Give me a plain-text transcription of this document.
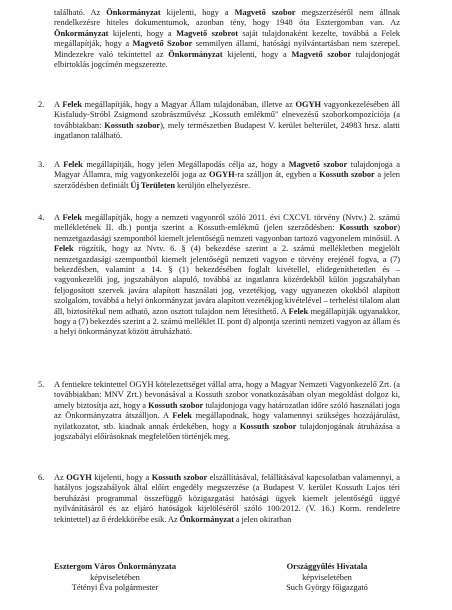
található. Az Önkormányzat kijelenti, hogy a Magvető szobor megszerzéséről nem állnak rendelkezésre hiteles dokumentumok, azonban tény, hogy 1948 óta Esztergomban van. Az Önkormányzat kijelenti, hogy a Magvető szobrot saját tulajdonaként kezelte, továbbá a Felek megállapítják, hogy a Magvető Szobor semmilyen állami, hatósági nyilvántartásban nem szerepel. Mindezekre való tekintettel az Önkormányzat kijelenti, hogy a Magvető szobor tulajdonjogát elbirtoklás jogcímén megszerezte.
2. A Felek megállapítják, hogy a Magyar Állam tulajdonában, illetve az OGYH vagyonkezelésében áll Kisfaludy-Stróbl Zsigmond szobrászművész „Kossuth emlékmű" elnevezésű szoborkompozíciója (a továbbiakban: Kossuth szobor), mely természetben Budapest V. kerület belterület, 24983 hrsz. alatti ingatlanon található.
3. A Felek megállapítják, hogy jelen Megállapodás célja az, hogy a Magvető szobor tulajdonjoga a Magyar Államra, míg vagyonkezelői joga az OGYH-ra szálljon át, egyben a Kossuth szobor a jelen szerződésben definiált Új Területen kerüljön elhelyezésre.
4. A Felek megállapítják, hogy a nemzeti vagyonról szóló 2011. évi CXCVI. törvény (Nvtv.) 2. számú mellékletének II. db.) pontja szerint a Kossuth-emlékmű (jelen szerződésben: Kossuth szobor) nemzetgazdasági szempontból kiemelt jelentőségű nemzeti vagyonban tartozó vagyonelem minősül. A Felek rögzítik, hogy az Nvtv. 6. § (4) bekezdése szerint a 2. számú mellékletben megjelölt nemzetgazdasági szempontból kiemelt jelentőségű nemzeti vagyon e törvény erejénél fogva, a (7) bekezdésben, valamint a 14. § (1) bekezdésében foglalt kivétellel, elidegeníthetetlen és – vagyonkezelői jog, jogszabályon alapuló, továbbá az ingatlanra közérdekből külön jogszabályban feljogosított szervek javára alapított használati jog, vezetékjog, vagy ugyanezen okokból alapított szolgalom, továbbá a helyi önkormányzat javára alapított vezetékjog kivételével – terhelési tilalom alatt áll, biztosítékul nem adható, azon osztott tulajdon nem létesíthető. A Felek megállapítják ugyanakkor, hogy a (7) bekezdés szerint a 2. számú melléklet II. pont d) alpontja szerinti nemzeti vagyon az állam és a helyi önkormányzat között átruházható.
5. A fentiekre tekintettel OGYH kötelezettséget vállal arra, hogy a Magyar Nemzeti Vagyonkezelő Zrt. (a továbbiakban: MNV Zrt.) bevonásával a Kossuth szobor vonatkozásában olyan megoldást dolgoz ki, amely biztosítja azt, hogy a Kossuth szobor tulajdonjoga vagy határozatlan időre szóló használati joga az Önkormányzatra átszálljon. A Felek megállapodnak, hogy valamennyi szükséges hozzájárulást, nyilatkozatot, stb. kiadnak annak érdekében, hogy a Kossuth szobor tulajdonjogának átruházása a jogszabályi előírásoknak megfelelően történjék meg.
6. Az OGYH kijelenti, hogy a Kossuth szobor elszállításával, felállításával kapcsolatban valamennyi, a hatályos jogszabályok által előírt engedély megszerzése (a Budapest V. kerület Kossuth Lajos téri beruházási programmal összefüggő közigazgatási hatósági ügyek kiemelt jelentőségű üggyé nyilvánításáról és az eljáró hatóságok kijelöléséről szóló 100/2012. (V. 16.) Korm. rendeletre tekintettel) az ő érdekkörébe esik. Az Önkormányzat a jelen okiratban
Esztergom Város Önkormányzata
képviseletében
Tétényi Éva polgármester
Országgyűlés Hivatala
képviseletében
Such György főigazgató
